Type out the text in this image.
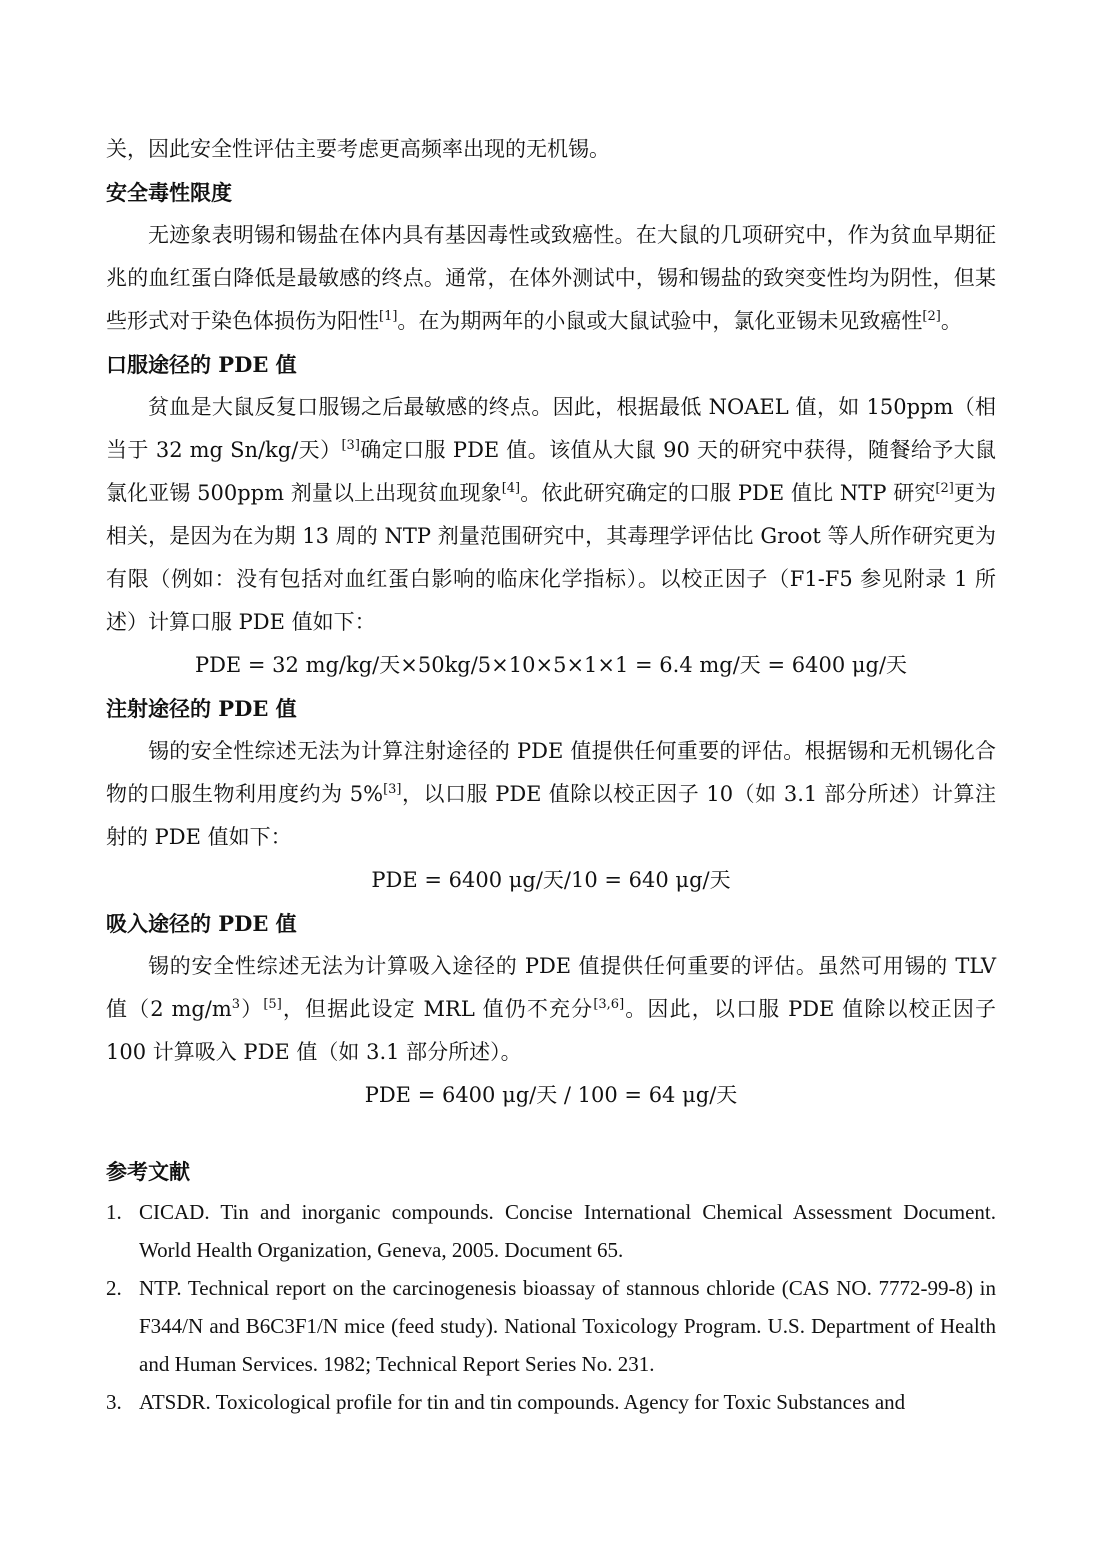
关，因此安全性评估主要考虑更高频率出现的无机锡。

安全毒性限度

无迹象表明锡和锡盐在体内具有基因毒性或致癌性。在大鼠的几项研究中，作为贫血早期征兆的血红蛋白降低是最敏感的终点。通常，在体外测试中，锡和锡盐的致突变性均为阴性，但某些形式对于染色体损伤为阳性[1]。在为期两年的小鼠或大鼠试验中，氯化亚锡未见致癌性[2]。

口服途径的 PDE 值

贫血是大鼠反复口服锡之后最敏感的终点。因此，根据最低 NOAEL 值，如 150ppm（相当于 32 mg Sn/kg/天）[3]确定口服 PDE 值。该值从大鼠 90 天的研究中获得，随餐给予大鼠氯化亚锡 500ppm 剂量以上出现贫血现象[4]。依此研究确定的口服 PDE 值比 NTP 研究[2]更为相关，是因为在为期 13 周的 NTP 剂量范围研究中，其毒理学评估比 Groot 等人所作研究更为有限（例如：没有包括对血红蛋白影响的临床化学指标）。以校正因子（F1-F5 参见附录 1 所述）计算口服 PDE 值如下：

PDE = 32 mg/kg/天×50kg/5×10×5×1×1 = 6.4 mg/天 = 6400 μg/天

注射途径的 PDE 值

锡的安全性综述无法为计算注射途径的 PDE 值提供任何重要的评估。根据锡和无机锡化合物的口服生物利用度约为 5%[3]，以口服 PDE 值除以校正因子 10（如 3.1 部分所述）计算注射的 PDE 值如下：

PDE = 6400 μg/天/10 = 640 μg/天

吸入途径的 PDE 值

锡的安全性综述无法为计算吸入途径的 PDE 值提供任何重要的评估。虽然可用锡的 TLV 值（2 $mg/m^3)[5]$，但据此设定 MRL 值仍不充分[3,6]。因此，以口服 PDE 值除以校正因子 100 计算吸入 PDE 值（如 3.1 部分所述）。

PDE = 6400 μg/天 / 100 = 64 μg/天

参考文献
1. CICAD. Tin and inorganic compounds. Concise International Chemical Assessment Document. World Health Organization, Geneva, 2005. Document 65.
2. NTP. Technical report on the carcinogenesis bioassay of stannous chloride (CAS NO. 7772-99-8) in F344/N and B6C3F1/N mice (feed study). National Toxicology Program. U.S. Department of Health and Human Services. 1982; Technical Report Series No. 231.
3. ATSDR. Toxicological profile for tin and tin compounds. Agency for Toxic Substances and
